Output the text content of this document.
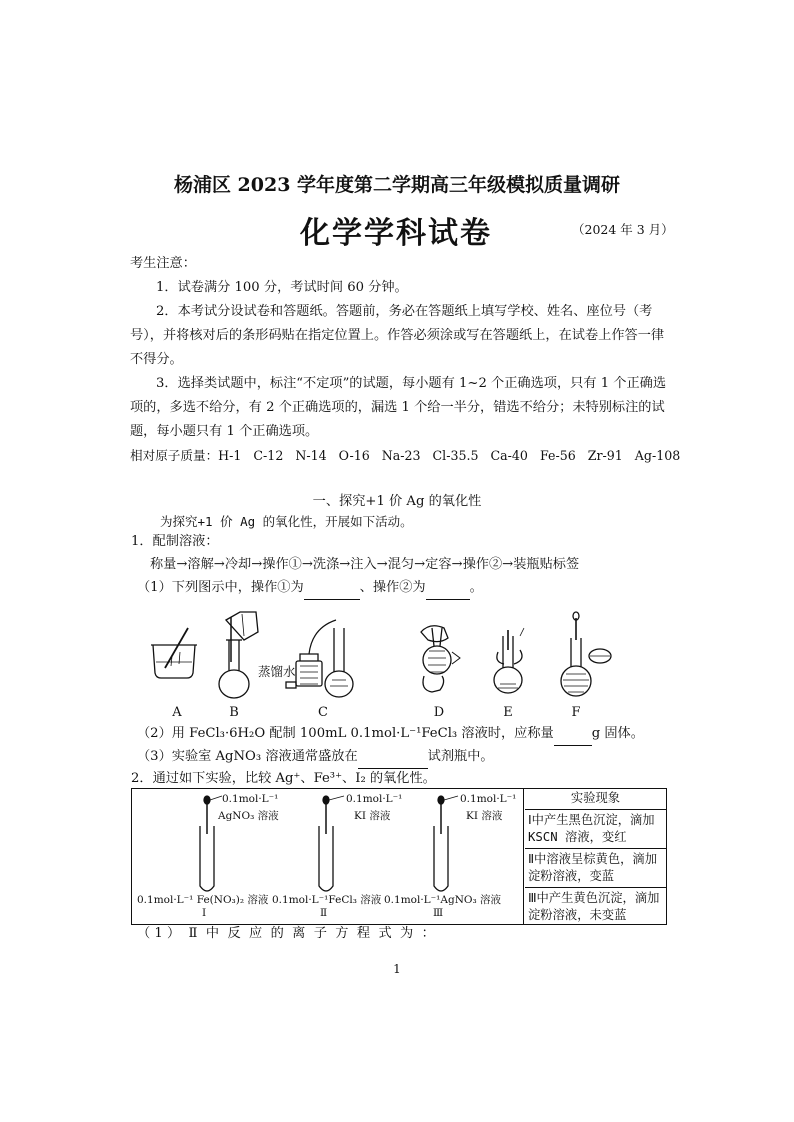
杨浦区 2023 学年度第二学期高三年级模拟质量调研
化学学科试卷	（2024 年 3 月）
考生注意：
1．试卷满分 100 分，考试时间 60 分钟。
2．本考试分设试卷和答题纸。答题前，务必在答题纸上填写学校、姓名、座位号（考号），并将核对后的条形码贴在指定位置上。作答必须涂或写在答题纸上，在试卷上作答一律不得分。
3．选择类试题中，标注“不定项”的试题，每小题有 1~2 个正确选项，只有 1 个正确选项的，多选不给分，有 2 个正确选项的，漏选 1 个给一半分，错选不给分；未特别标注的试题，每小题只有 1 个正确选项。
相对原子质量：H-1   C-12   N-14   O-16   Na-23   Cl-35.5   Ca-40   Fe-56   Zr-91   Ag-108
一、探究+1 价 Ag 的氧化性
为探究+1 价 Ag 的氧化性，开展如下活动。
1．配制溶液：
称量→溶解→冷却→操作①→洗涤→注入→混匀→定容→操作②→装瓶贴标签
（1）下列图示中，操作①为	、操作②为	。
蒸馏水
A	B	C	D	E	F
（2）用 FeCl₃·6H₂O 配制 100mL 0.1mol·L⁻¹FeCl₃ 溶液时，应称量	g 固体。
（3）实验室 AgNO₃ 溶液通常盛放在	试剂瓶中。
2．通过如下实验，比较 Ag⁺、Fe³⁺、I₂ 的氧化性。
0.1mol·L⁻¹
AgNO₃ 溶液
0.1mol·L⁻¹
KI 溶液
0.1mol·L⁻¹
KI 溶液
0.1mol·L⁻¹ Fe(NO₃)₂ 溶液 0.1mol·L⁻¹FeCl₃ 溶液 0.1mol·L⁻¹AgNO₃ 溶液
Ⅰ	Ⅱ	Ⅲ
实验现象
Ⅰ中产生黑色沉淀，滴加 KSCN 溶液，变红
Ⅱ中溶液呈棕黄色，滴加淀粉溶液，变蓝
Ⅲ中产生黄色沉淀，滴加淀粉溶液，未变蓝
（ 1 ）  Ⅱ  中  反  应  的  离  子  方  程  式  为  ：
1
